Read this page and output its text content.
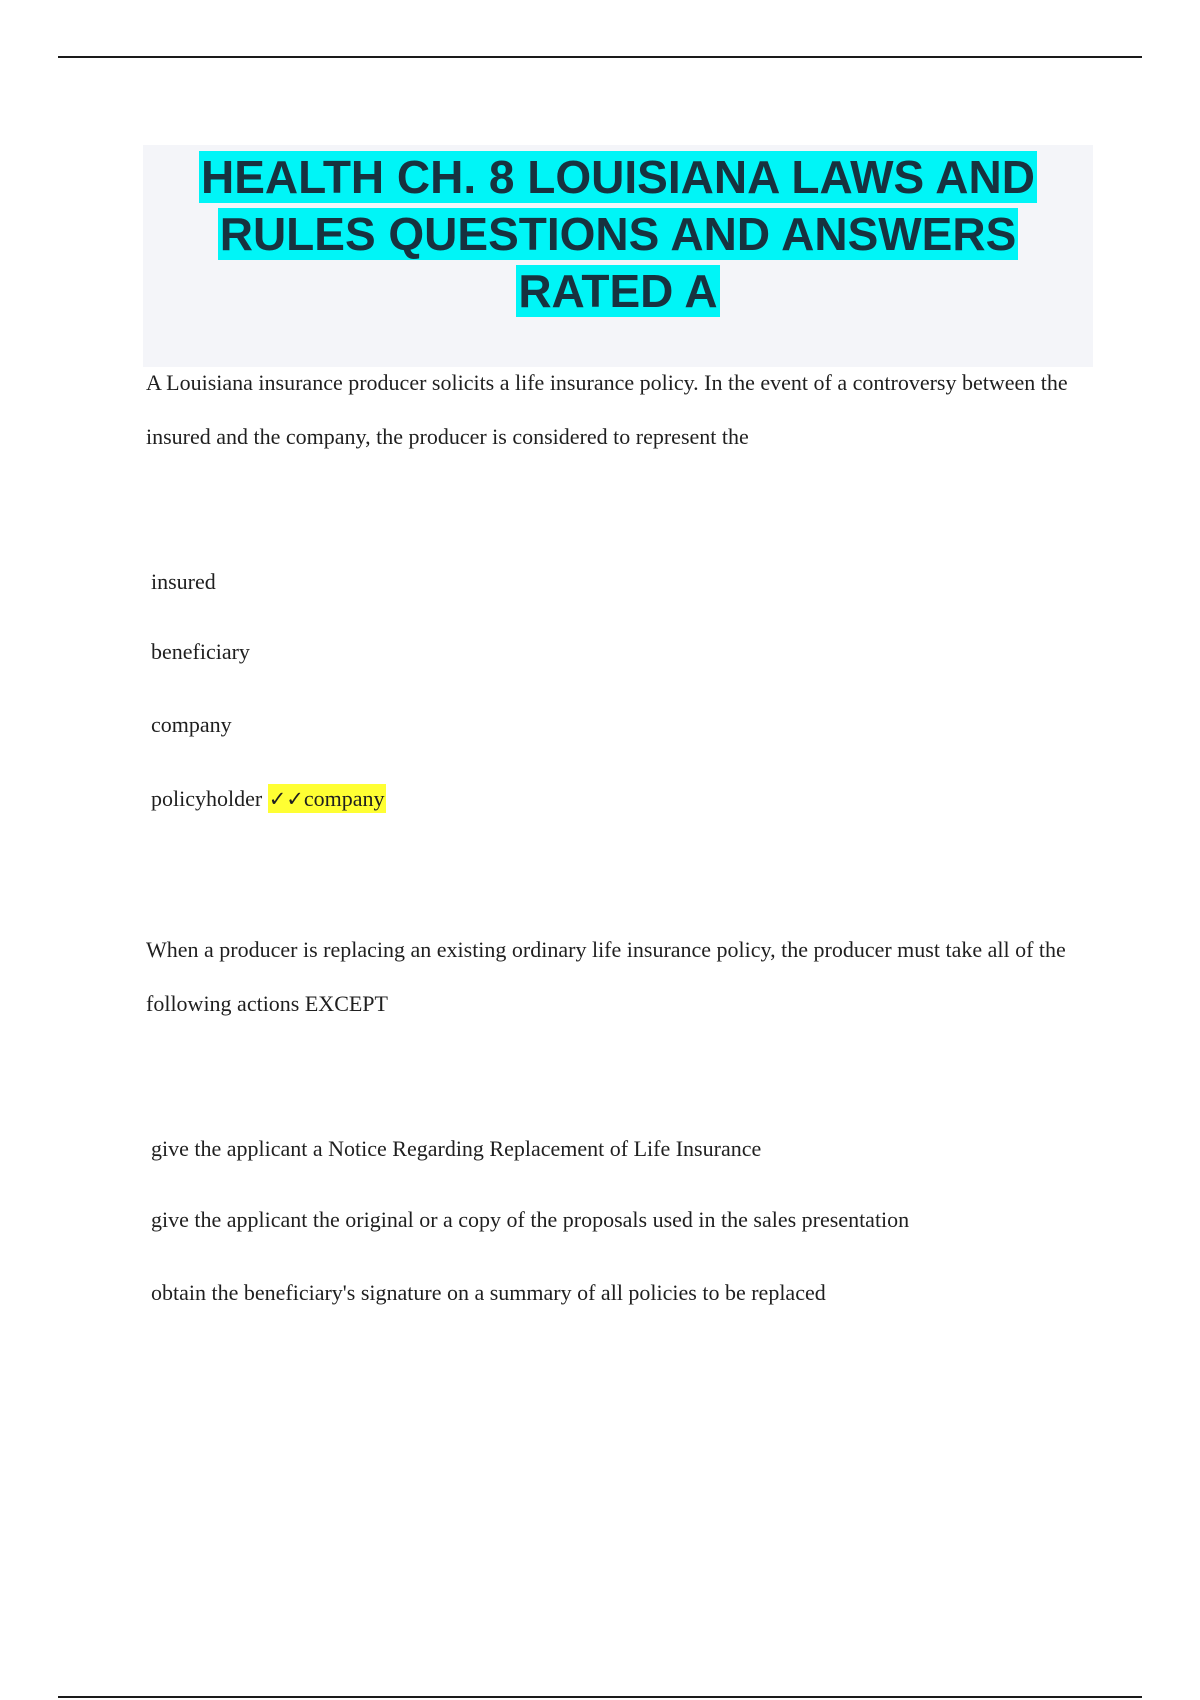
HEALTH CH. 8 LOUISIANA LAWS AND RULES QUESTIONS AND ANSWERS RATED A

A Louisiana insurance producer solicits a life insurance policy. In the event of a controversy between the insured and the company, the producer is considered to represent the

insured

beneficiary

company

policyholder ✓✓company

When a producer is replacing an existing ordinary life insurance policy, the producer must take all of the following actions EXCEPT

give the applicant a Notice Regarding Replacement of Life Insurance

give the applicant the original or a copy of the proposals used in the sales presentation

obtain the beneficiary's signature on a summary of all policies to be replaced
